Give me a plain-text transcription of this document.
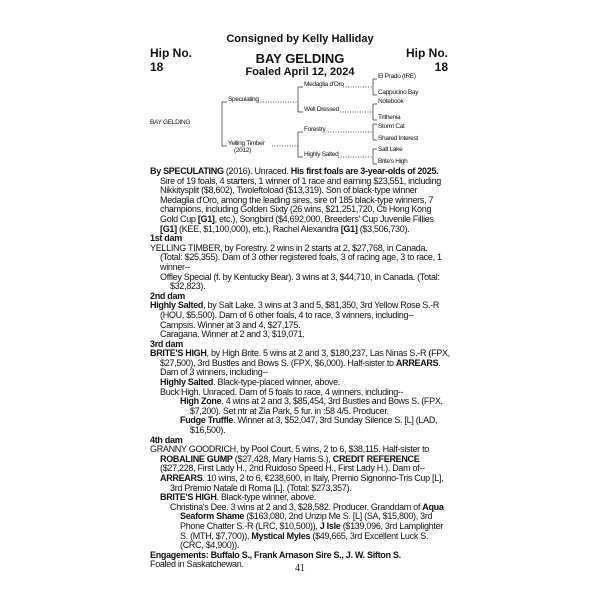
Consigned by Kelly Halliday
Hip No.
18
Hip No.
18
BAY GELDING
Foaled April 12, 2024
BAY GELDING
Speculating
Yelling Timber
(2012)
Medaglia d'Oro
Well Dressed
Forestry
Highly Salted
El Prado (IRE)
Cappucino Bay
Notebook
Trithenia
Storm Cat
Shared Interest
Salt Lake
Brite's High

By SPECULATING (2016). Unraced. His first foals are 3-year-olds of 2025. Sire of 19 foals, 4 starters, 1 winner of 1 race and earning $23,551, including Nikkitysplit ($8,602), Twoleftoload ($13,319). Son of black-type winner Medaglia d'Oro, among the leading sires, sire of 185 black-type winners, 7 champions, including Golden Sixty (26 wins, $21,251,720, Cti Hong Kong Gold Cup [G1], etc.), Songbird ($4,692,000, Breeders' Cup Juvenile Fillies [G1] (KEE, $1,100,000), etc.), Rachel Alexandra [G1] ($3,506,730).

1st dam

YELLING TIMBER, by Forestry. 2 wins in 2 starts at 2, $27,768, in Canada. (Total: $25,355). Dam of 3 other registered foals, 3 of racing age, 3 to race, 1 winner--

Offley Special (f. by Kentucky Bear). 3 wins at 3, $44,710, in Canada. (Total: $32,823).

2nd dam

Highly Salted, by Salt Lake. 3 wins at 3 and 5, $81,350, 3rd Yellow Rose S.-R (HOU, $5,500). Dam of 6 other foals, 4 to race, 3 winners, including--

Campsis. Winner at 3 and 4, $27,175.

Caragana. Winner at 2 and 3, $19,071.

3rd dam

BRITE'S HIGH, by High Brite. 5 wins at 2 and 3, $180,237, Las Ninas S.-R (FPX, $27,500), 3rd Bustles and Bows S. (FPX, $6,000). Half-sister to ARREARS. Dam of 3 winners, including--

Highly Salted. Black-type-placed winner, above.

Buck High. Unraced. Dam of 5 foals to race, 4 winners, including--

High Zone. 4 wins at 2 and 3, $85,454, 3rd Bustles and Bows S. (FPX, $7,200). Set ntr at Zia Park, 5 fur. in :58 4/5. Producer.

Fudge Truffle. Winner at 3, $52,047, 3rd Sunday Silence S. [L] (LAD, $16,500).

4th dam

GRANNY GOODRICH, by Pool Court. 5 wins, 2 to 6, $38,115. Half-sister to ROBALINE GUMP ($27,428, Mary Harris S.), CREDIT REFERENCE ($27,228, First Lady H., 2nd Ruidoso Speed H., First Lady H.). Dam of--

ARREARS. 10 wins, 2 to 6, €238,600, in Italy, Premio Signorino-Tris Cup [L], 3rd Premio Natale di Roma [L]. (Total: $273,357).

BRITE'S HIGH. Black-type winner, above.

Christina's Dee. 3 wins at 2 and 3, $28,582. Producer. Granddam of Aqua Seaform Shame ($163,080, 2nd Unzip Me S. [L] (SA, $15,800), 3rd Phone Chatter S.-R (LRC, $10,500)), J Isle ($139,096, 3rd Lamplighter S. (MTH, $7,700)), Mystical Myles ($49,665, 3rd Excellent Luck S. (CRC, $4,900)).

Engagements: Buffalo S., Frank Arnason Sire S., J. W. Sifton S.

Foaled in Saskatchewan.	41
